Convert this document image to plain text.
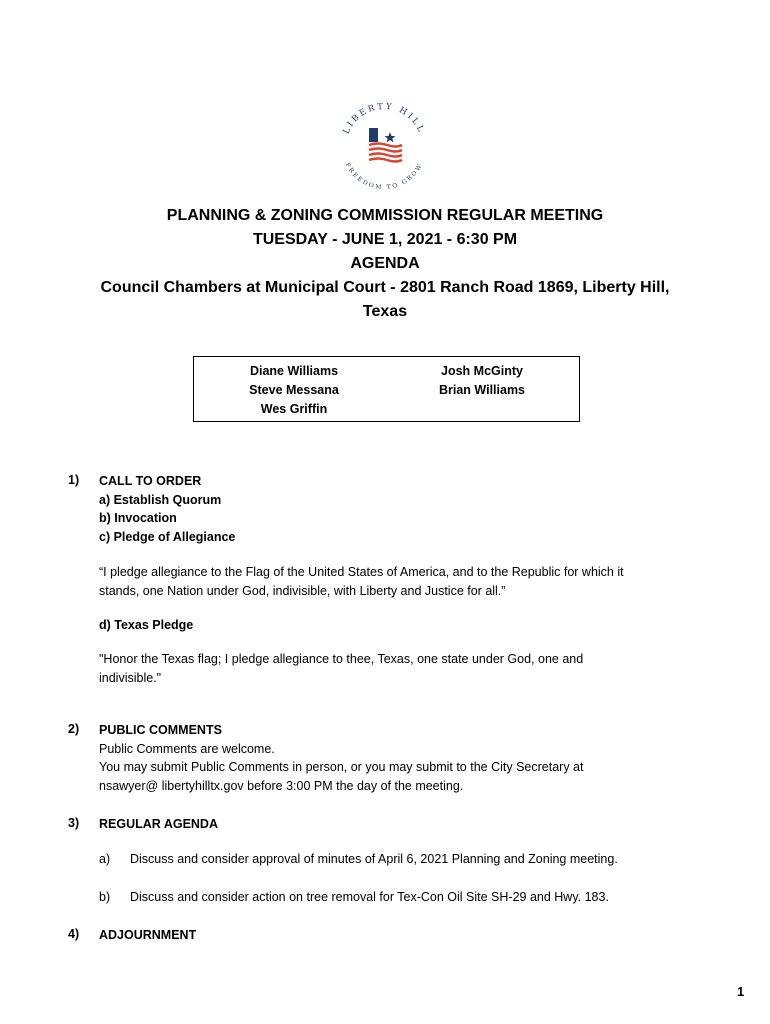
LIBERTY HILL
FREEDOM TO GROW
PLANNING & ZONING COMMISSION REGULAR MEETING
TUESDAY - JUNE 1, 2021 - 6:30 PM
AGENDA
Council Chambers at Municipal Court - 2801 Ranch Road 1869, Liberty Hill,
Texas
Diane Williams
Steve Messana
Wes Griffin
Josh McGinty
Brian Williams
1) CALL TO ORDER
a) Establish Quorum
b) Invocation
c) Pledge of Allegiance
“I pledge allegiance to the Flag of the United States of America, and to the Republic for which it
stands, one Nation under God, indivisible, with Liberty and Justice for all.”
d) Texas Pledge
"Honor the Texas flag; I pledge allegiance to thee, Texas, one state under God, one and
indivisible."
2) PUBLIC COMMENTS
Public Comments are welcome.
You may submit Public Comments in person, or you may submit to the City Secretary at
nsawyer@ libertyhilltx.gov before 3:00 PM the day of the meeting.
3) REGULAR AGENDA
a) Discuss and consider approval of minutes of April 6, 2021 Planning and Zoning meeting.
b) Discuss and consider action on tree removal for Tex-Con Oil Site SH-29 and Hwy. 183.
4) ADJOURNMENT
1
